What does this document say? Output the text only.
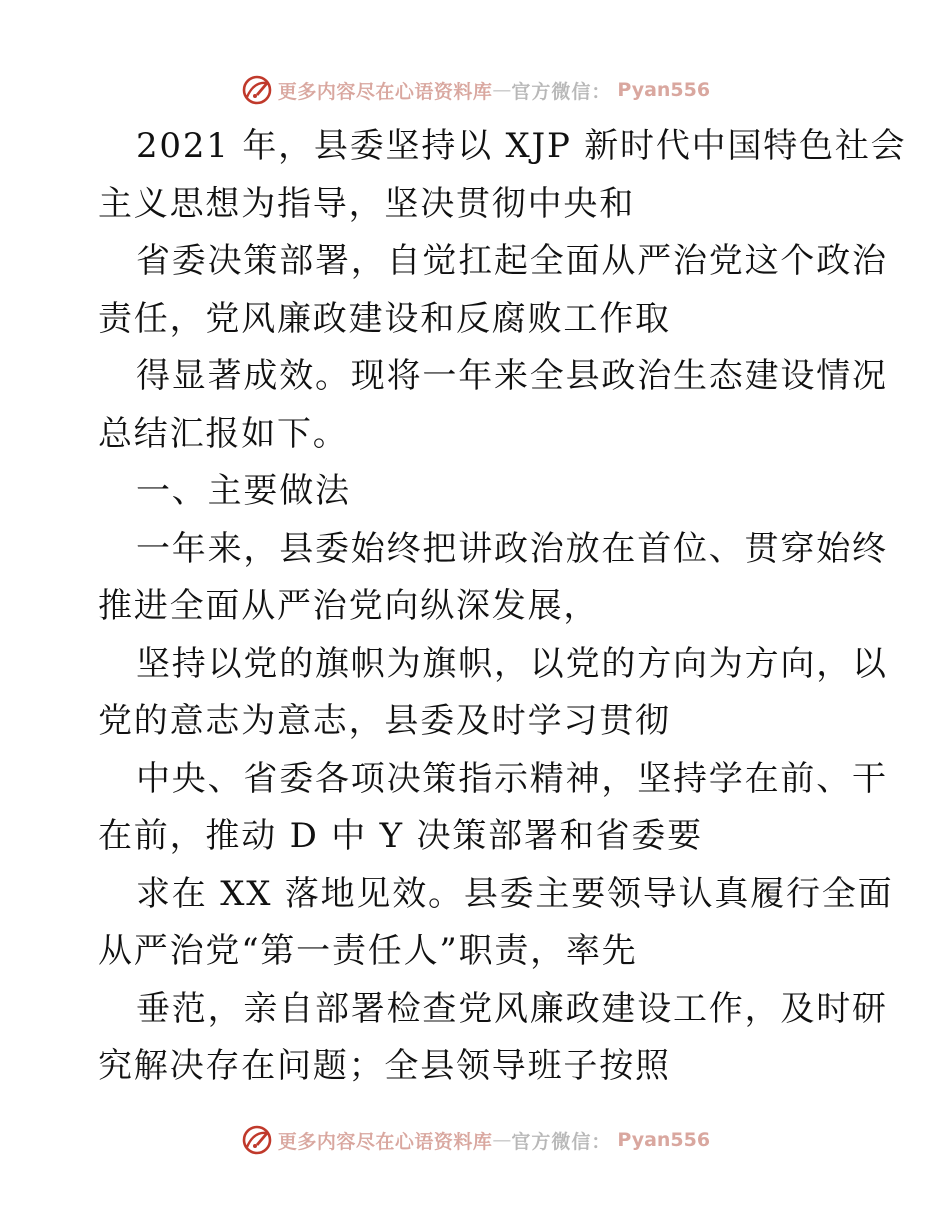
更多内容尽在心语资料库 — 官方微信： Pyan556
2021 年，县委坚持以 XJP 新时代中国特色社会
主义思想为指导，坚决贯彻中央和
省委决策部署，自觉扛起全面从严治党这个政治
责任，党风廉政建设和反腐败工作取
得显著成效。现将一年来全县政治生态建设情况
总结汇报如下。
一、主要做法
一年来，县委始终把讲政治放在首位、贯穿始终
推进全面从严治党向纵深发展，
坚持以党的旗帜为旗帜，以党的方向为方向，以
党的意志为意志，县委及时学习贯彻
中央、省委各项决策指示精神，坚持学在前、干
在前，推动 D 中 Y 决策部署和省委要
求在 XX 落地见效。县委主要领导认真履行全面
从严治党“第一责任人”职责，率先
垂范，亲自部署检查党风廉政建设工作，及时研
究解决存在问题；全县领导班子按照
更多内容尽在心语资料库 — 官方微信： Pyan556
